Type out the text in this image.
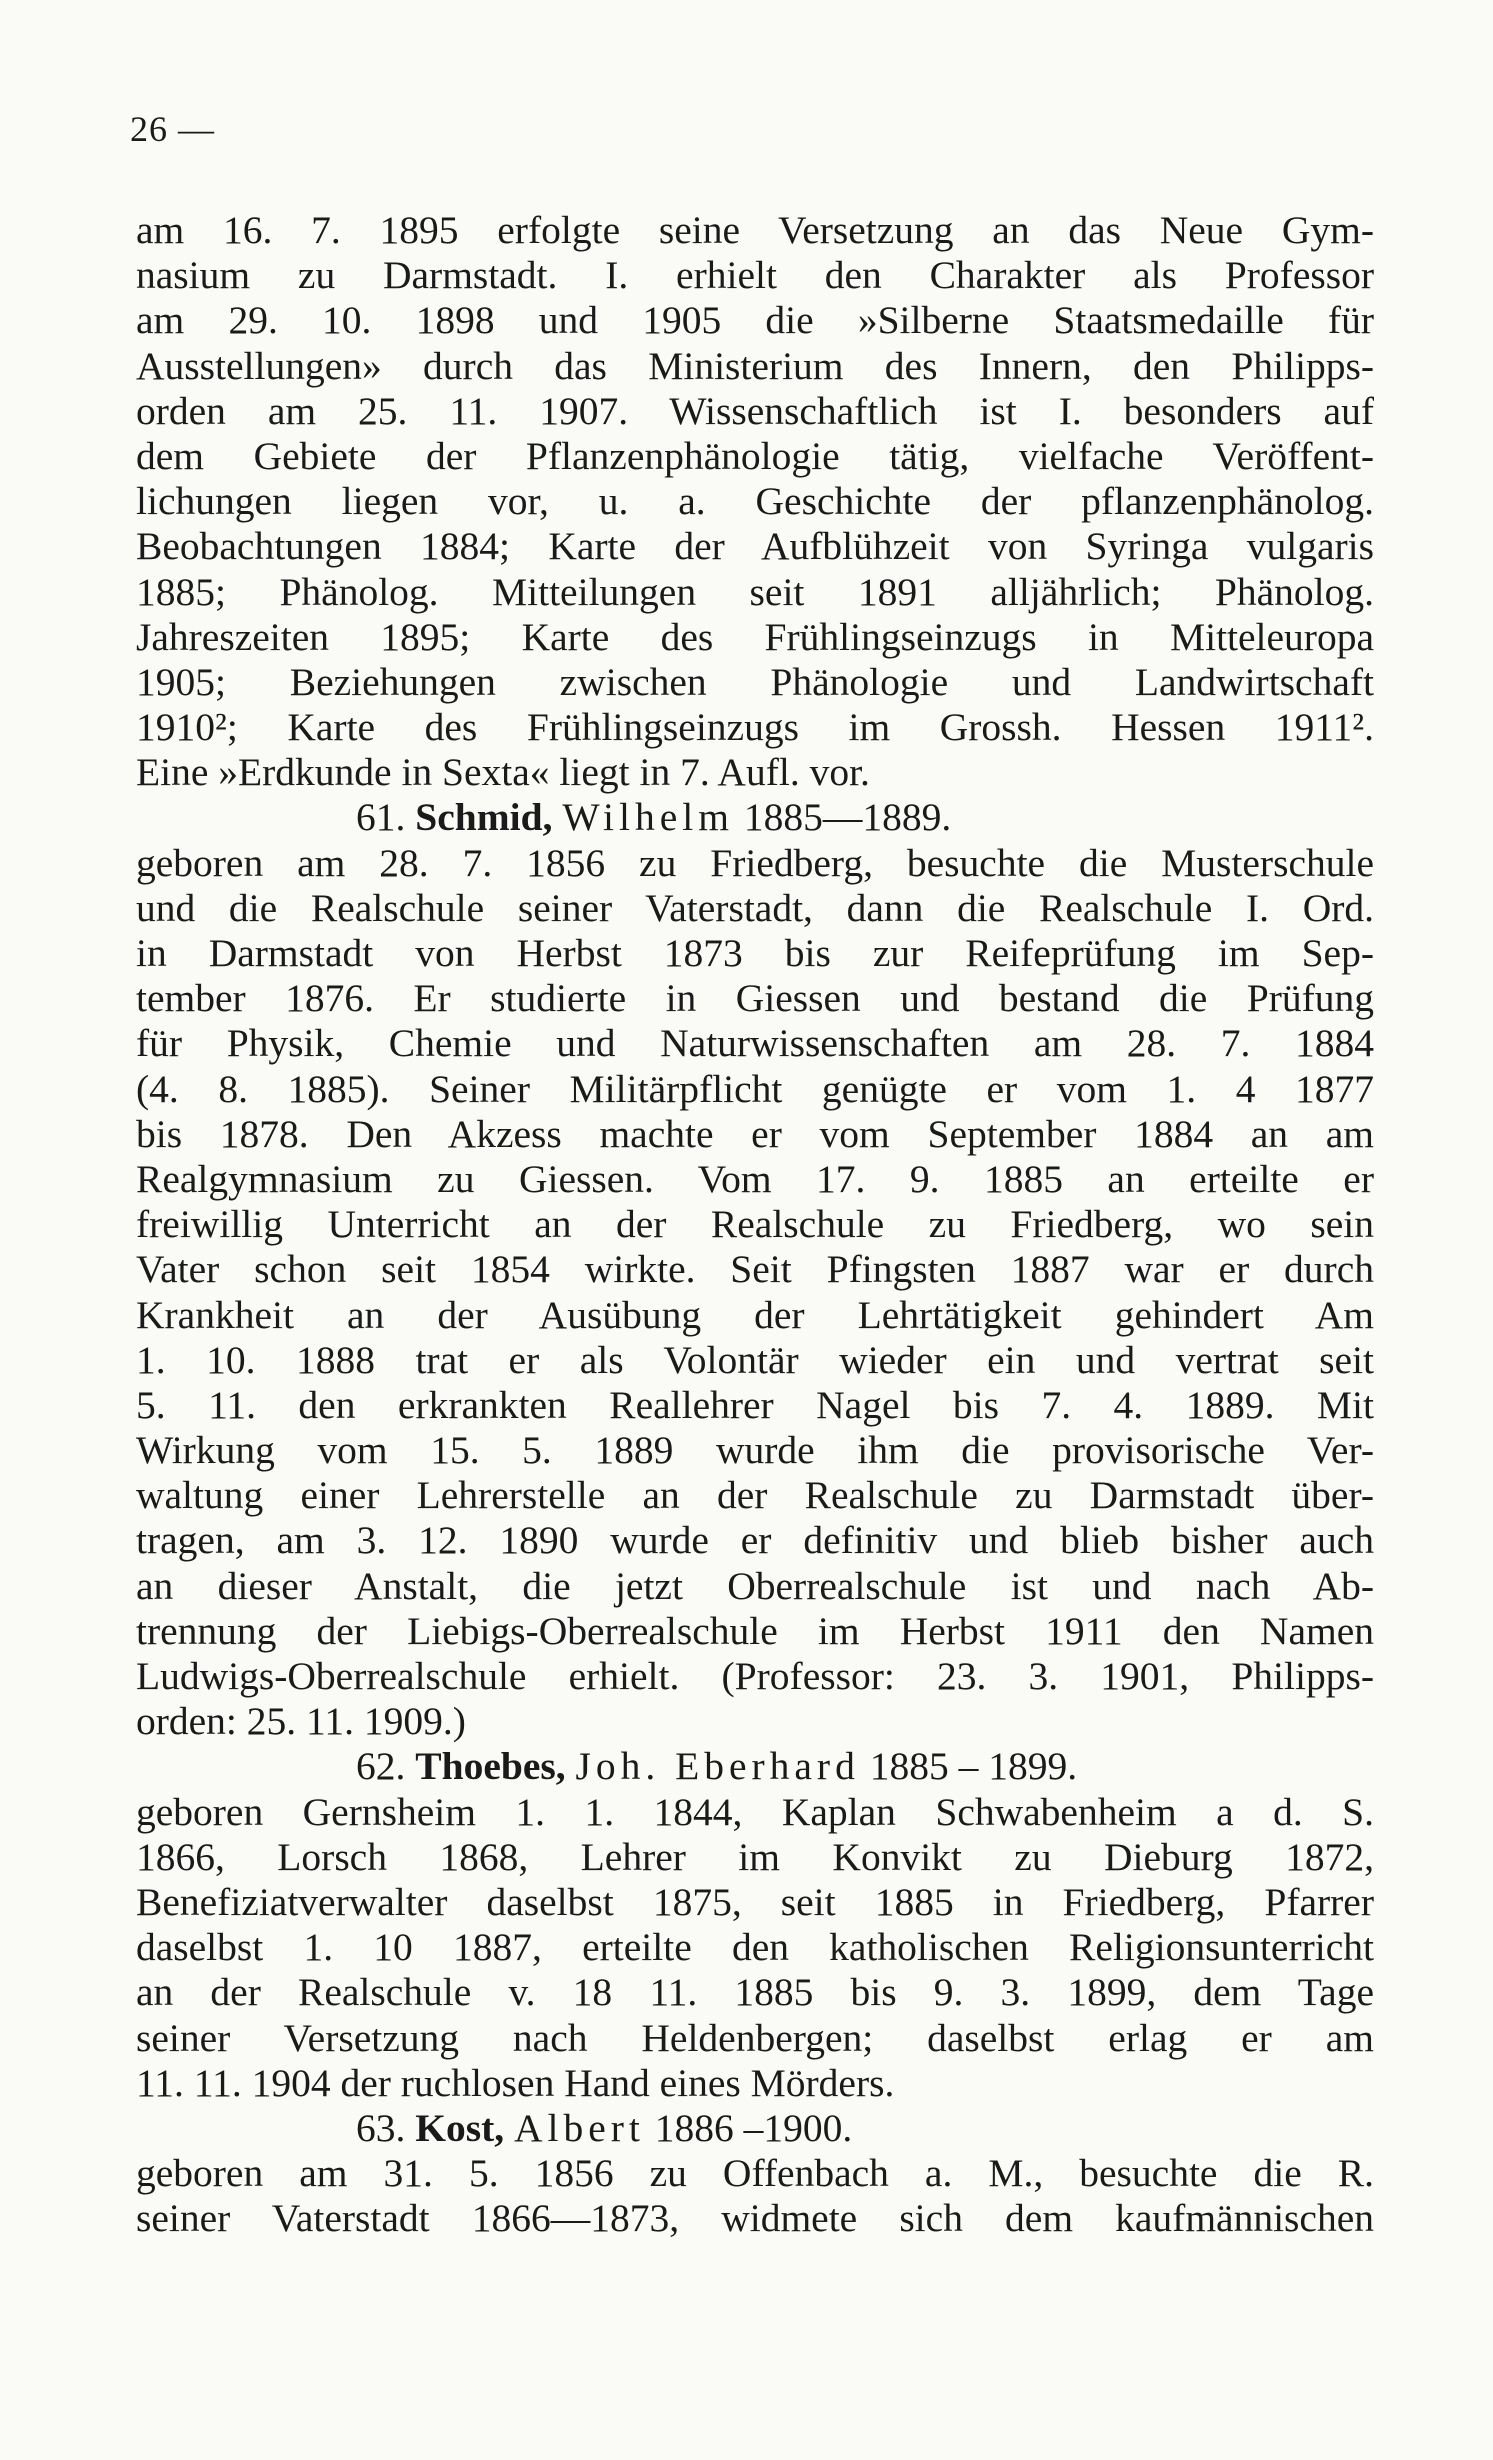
26 —
am 16. 7. 1895 erfolgte seine Versetzung an das Neue Gym-
nasium zu Darmstadt. I. erhielt den Charakter als Professor
am 29. 10. 1898 und 1905 die »Silberne Staatsmedaille für
Ausstellungen» durch das Ministerium des Innern, den Philipps-
orden am 25. 11. 1907. Wissenschaftlich ist I. besonders auf
dem Gebiete der Pflanzenphänologie tätig, vielfache Veröffent-
lichungen liegen vor, u. a. Geschichte der pflanzenphänolog.
Beobachtungen 1884; Karte der Aufblühzeit von Syringa vulgaris
1885; Phänolog. Mitteilungen seit 1891 alljährlich; Phänolog.
Jahreszeiten 1895; Karte des Frühlingseinzugs in Mitteleuropa
1905; Beziehungen zwischen Phänologie und Landwirtschaft
1910²; Karte des Frühlingseinzugs im Grossh. Hessen 1911².
Eine »Erdkunde in Sexta« liegt in 7. Aufl. vor.
61. Schmid, Wilhelm 1885—1889.
geboren am 28. 7. 1856 zu Friedberg, besuchte die Musterschule
und die Realschule seiner Vaterstadt, dann die Realschule I. Ord.
in Darmstadt von Herbst 1873 bis zur Reifeprüfung im Sep-
tember 1876. Er studierte in Giessen und bestand die Prüfung
für Physik, Chemie und Naturwissenschaften am 28. 7. 1884
(4. 8. 1885). Seiner Militärpflicht genügte er vom 1. 4 1877
bis 1878. Den Akzess machte er vom September 1884 an am
Realgymnasium zu Giessen. Vom 17. 9. 1885 an erteilte er
freiwillig Unterricht an der Realschule zu Friedberg, wo sein
Vater schon seit 1854 wirkte. Seit Pfingsten 1887 war er durch
Krankheit an der Ausübung der Lehrtätigkeit gehindert Am
1. 10. 1888 trat er als Volontär wieder ein und vertrat seit
5. 11. den erkrankten Reallehrer Nagel bis 7. 4. 1889. Mit
Wirkung vom 15. 5. 1889 wurde ihm die provisorische Ver-
waltung einer Lehrerstelle an der Realschule zu Darmstadt über-
tragen, am 3. 12. 1890 wurde er definitiv und blieb bisher auch
an dieser Anstalt, die jetzt Oberrealschule ist und nach Ab-
trennung der Liebigs-Oberrealschule im Herbst 1911 den Namen
Ludwigs-Oberrealschule erhielt. (Professor: 23. 3. 1901, Philipps-
orden: 25. 11. 1909.)
62. Thoebes, Joh. Eberhard 1885 – 1899.
geboren Gernsheim 1. 1. 1844, Kaplan Schwabenheim a d. S.
1866, Lorsch 1868, Lehrer im Konvikt zu Dieburg 1872,
Benefiziatverwalter daselbst 1875, seit 1885 in Friedberg, Pfarrer
daselbst 1. 10 1887, erteilte den katholischen Religionsunterricht
an der Realschule v. 18 11. 1885 bis 9. 3. 1899, dem Tage
seiner Versetzung nach Heldenbergen; daselbst erlag er am
11. 11. 1904 der ruchlosen Hand eines Mörders.
63. Kost, Albert 1886 –1900.
geboren am 31. 5. 1856 zu Offenbach a. M., besuchte die R.
seiner Vaterstadt 1866—1873, widmete sich dem kaufmännischen
